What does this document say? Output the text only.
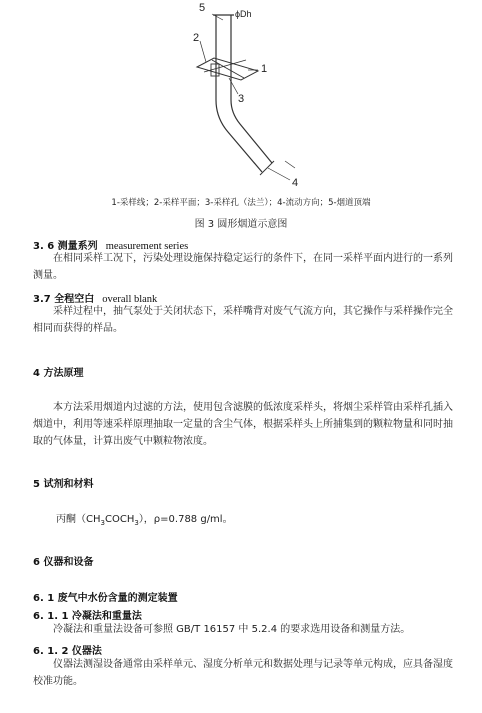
5	ϕDh
2
1
3
4
1-采样线；2-采样平面；3-采样孔（法兰）；4-流动方向；5-烟道顶端
图 3 圆形烟道示意图
3. 6 测量系列 measurement series
在相同采样工况下，污染处理设施保持稳定运行的条件下，在同一采样平面内进行的一系列测量。
3.7 全程空白 overall blank
采样过程中，抽气泵处于关闭状态下，采样嘴背对废气气流方向，其它操作与采样操作完全相同而获得的样品。
4 方法原理
本方法采用烟道内过滤的方法，使用包含滤膜的低浓度采样头，将烟尘采样管由采样孔插入烟道中，利用等速采样原理抽取一定量的含尘气体，根据采样头上所捕集到的颗粒物量和同时抽取的气体量，计算出废气中颗粒物浓度。
5 试剂和材料
丙酮$(CH_3COCH_3)$，ρ=0.788 g/ml。
6 仪器和设备
6. 1 废气中水份含量的测定装置
6. 1. 1 冷凝法和重量法
冷凝法和重量法设备可参照 GB/T 16157 中 5.2.4 的要求选用设备和测量方法。
6. 1. 2 仪器法
仪器法测湿设备通常由采样单元、湿度分析单元和数据处理与记录等单元构成，应具备湿度校准功能。
